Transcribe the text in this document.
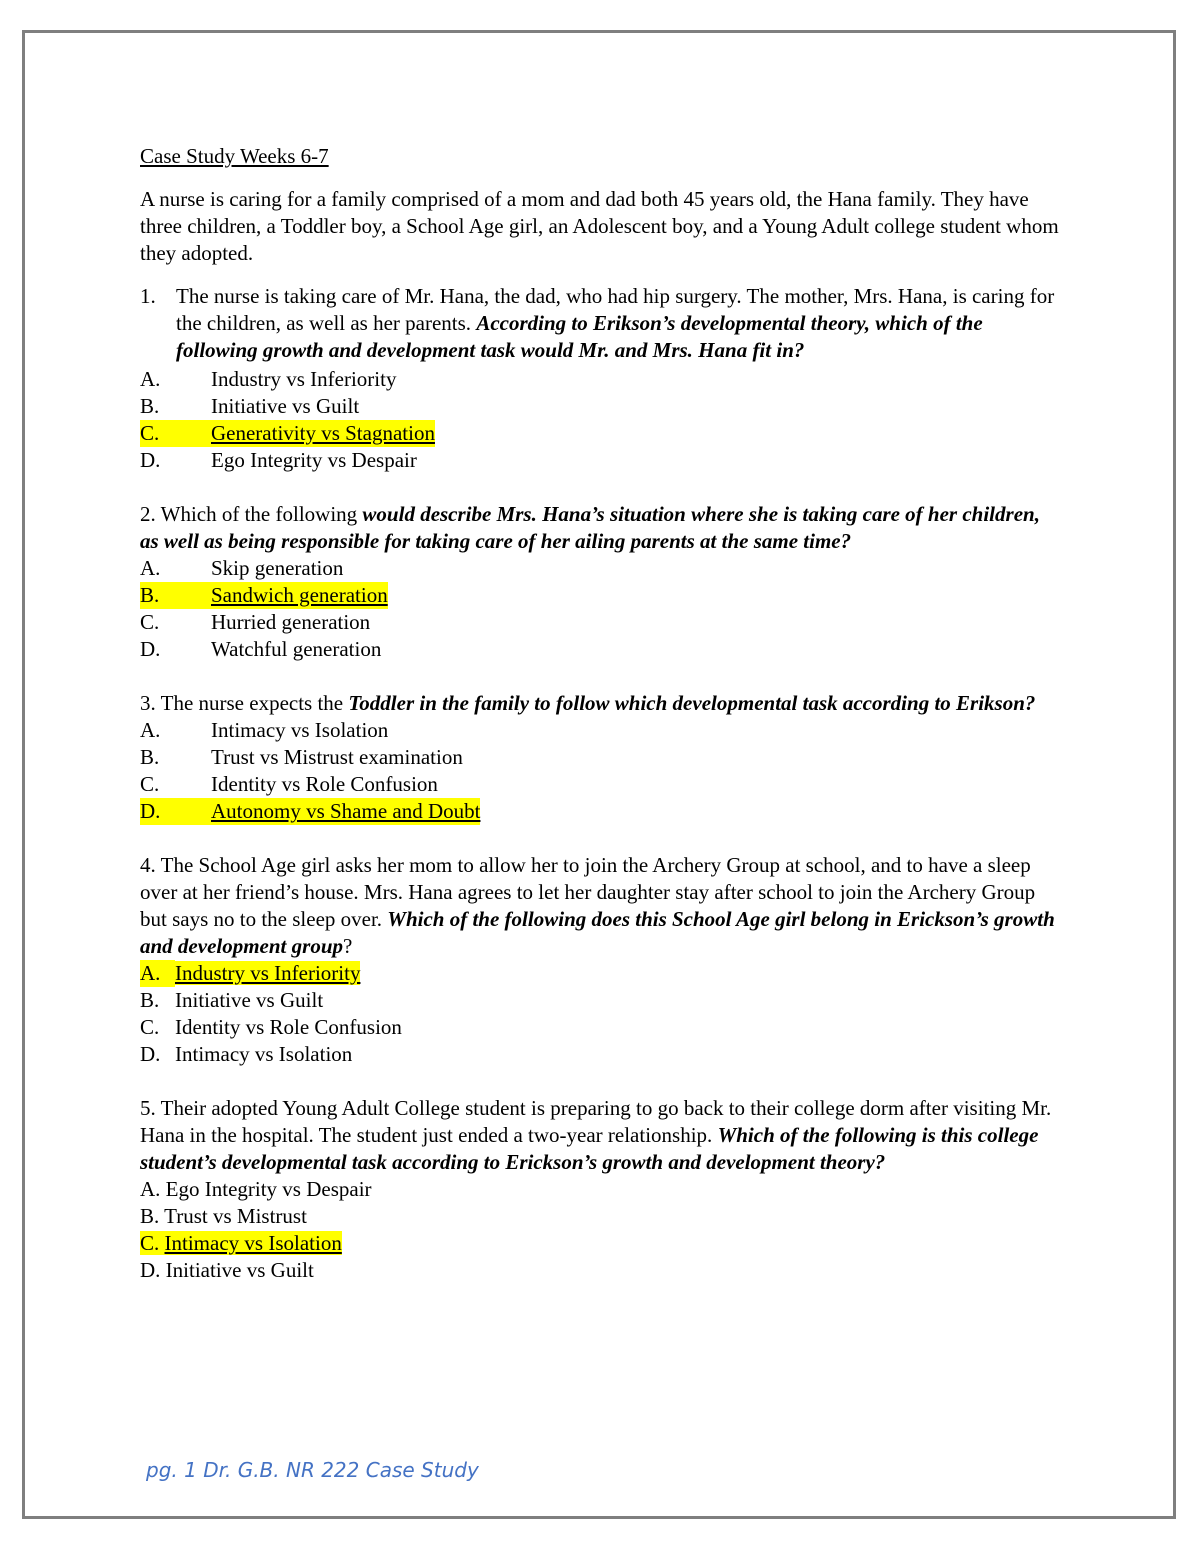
Case Study Weeks 6-7
A nurse is caring for a family comprised of a mom and dad both 45 years old, the Hana family. They have three children, a Toddler boy, a School Age girl, an Adolescent boy, and a Young Adult college student whom they adopted.
1. The nurse is taking care of Mr. Hana, the dad, who had hip surgery. The mother, Mrs. Hana, is caring for the children, as well as her parents. According to Erikson’s developmental theory, which of the following growth and development task would Mr. and Mrs. Hana fit in?
A.	Industry vs Inferiority
B.	Initiative vs Guilt
C.	Generativity vs Stagnation
D.	Ego Integrity vs Despair
2. Which of the following would describe Mrs. Hana’s situation where she is taking care of her children, as well as being responsible for taking care of her ailing parents at the same time?
A.	Skip generation
B.	Sandwich generation
C.	Hurried generation
D.	Watchful generation
3. The nurse expects the Toddler in the family to follow which developmental task according to Erikson?
A.	Intimacy vs Isolation
B.	Trust vs Mistrust examination
C.	Identity vs Role Confusion
D.	Autonomy vs Shame and Doubt
4. The School Age girl asks her mom to allow her to join the Archery Group at school, and to have a sleep over at her friend’s house. Mrs. Hana agrees to let her daughter stay after school to join the Archery Group but says no to the sleep over. Which of the following does this School Age girl belong in Erickson’s growth and development group?
A. Industry vs Inferiority
B. Initiative vs Guilt
C. Identity vs Role Confusion
D. Intimacy vs Isolation
5. Their adopted Young Adult College student is preparing to go back to their college dorm after visiting Mr. Hana in the hospital. The student just ended a two-year relationship. Which of the following is this college student’s developmental task according to Erickson’s growth and development theory?
A. Ego Integrity vs Despair
B. Trust vs Mistrust
C. Intimacy vs Isolation
D. Initiative vs Guilt
pg. 1 Dr. G.B. NR 222 Case Study
